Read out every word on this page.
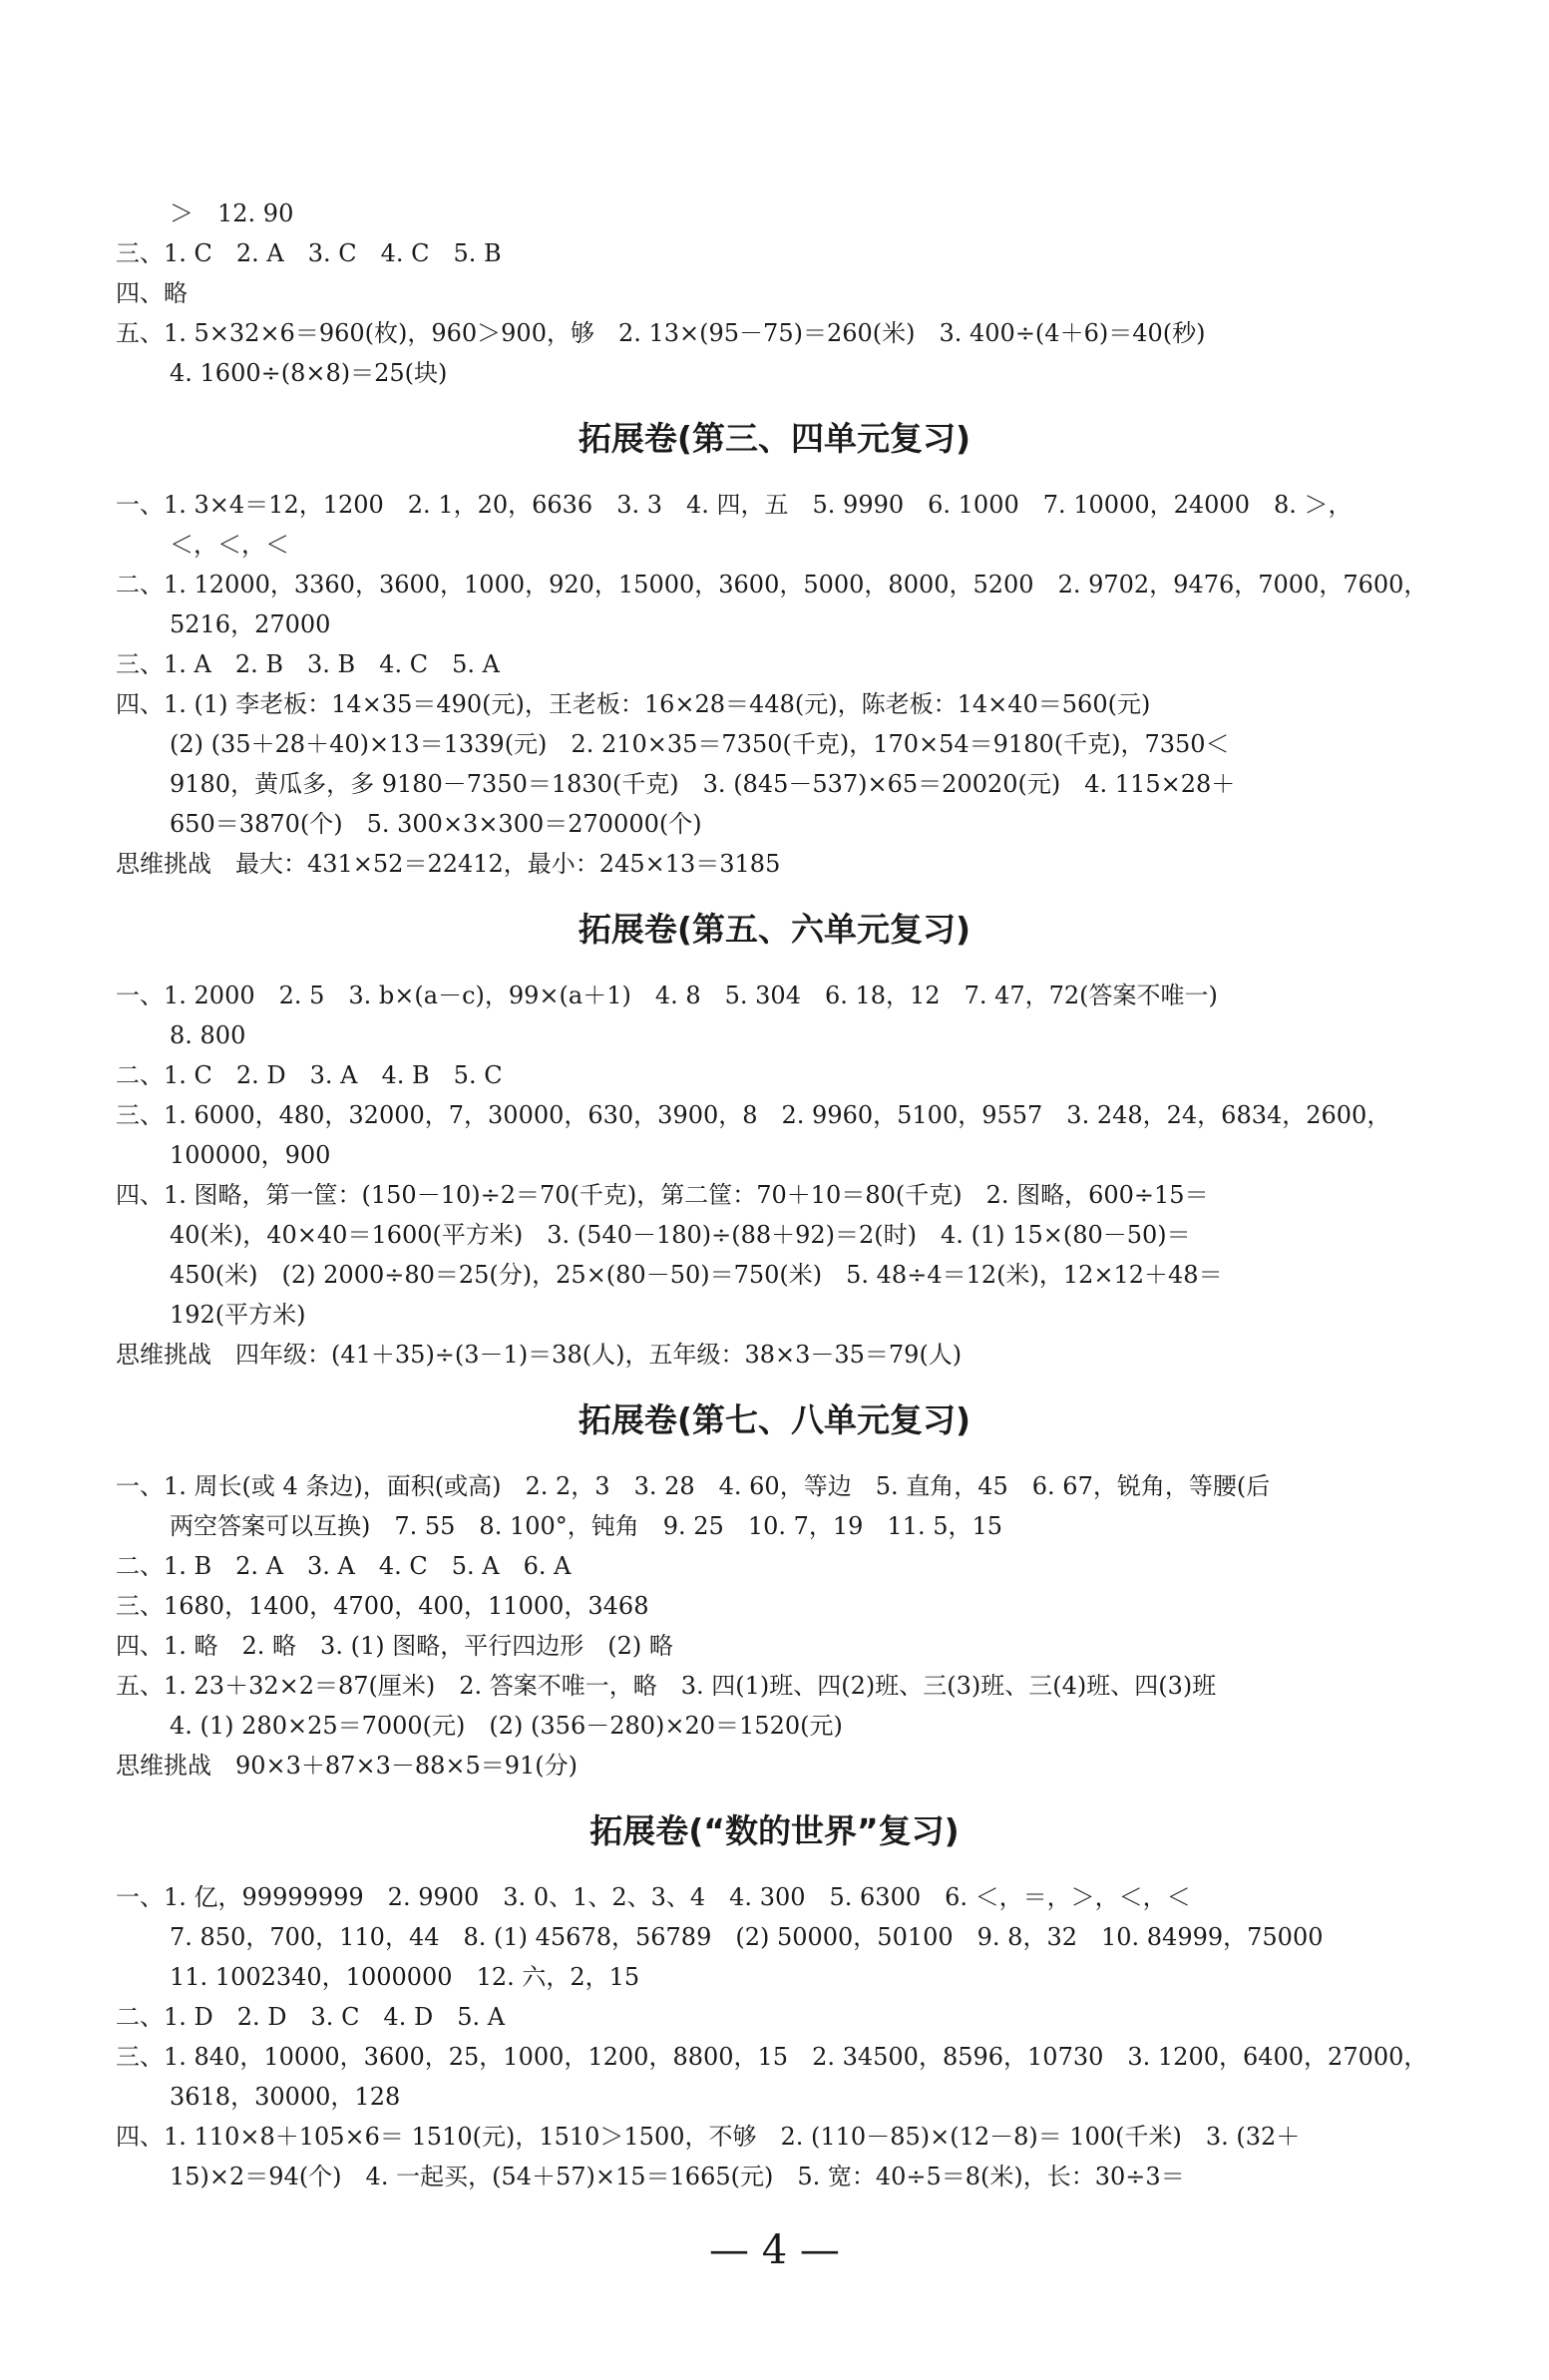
＞　12. 90
三、1. C　2. A　3. C　4. C　5. B
四、略
五、1. 5×32×6＝960(枚)，960＞900，够　2. 13×(95－75)＝260(米)　3. 400÷(4＋6)＝40(秒)
4. 1600÷(8×8)＝25(块)
拓展卷(第三、四单元复习)
一、1. 3×4＝12，1200　2. 1，20，6636　3. 3　4. 四，五　5. 9990　6. 1000　7. 10000，24000　8. ＞，
＜，＜，＜
二、1. 12000，3360，3600，1000，920，15000，3600，5000，8000，5200　2. 9702，9476，7000，7600，
5216，27000
三、1. A　2. B　3. B　4. C　5. A
四、1. (1) 李老板：14×35＝490(元)，王老板：16×28＝448(元)，陈老板：14×40＝560(元)
(2) (35＋28＋40)×13＝1339(元)　2. 210×35＝7350(千克)，170×54＝9180(千克)，7350＜
9180，黄瓜多，多 9180－7350＝1830(千克)　3. (845－537)×65＝20020(元)　4. 115×28＋
650＝3870(个)　5. 300×3×300＝270000(个)
思维挑战　最大：431×52＝22412，最小：245×13＝3185
拓展卷(第五、六单元复习)
一、1. 2000　2. 5　3. b×(a－c)，99×(a＋1)　4. 8　5. 304　6. 18，12　7. 47，72(答案不唯一)
8. 800
二、1. C　2. D　3. A　4. B　5. C
三、1. 6000，480，32000，7，30000，630，3900，8　2. 9960，5100，9557　3. 248，24，6834，2600，
100000，900
四、1. 图略，第一筐：(150－10)÷2＝70(千克)，第二筐：70＋10＝80(千克)　2. 图略，600÷15＝
40(米)，40×40＝1600(平方米)　3. (540－180)÷(88＋92)＝2(时)　4. (1) 15×(80－50)＝
450(米)　(2) 2000÷80＝25(分)，25×(80－50)＝750(米)　5. 48÷4＝12(米)，12×12＋48＝
192(平方米)
思维挑战　四年级：(41＋35)÷(3－1)＝38(人)，五年级：38×3－35＝79(人)
拓展卷(第七、八单元复习)
一、1. 周长(或 4 条边)，面积(或高)　2. 2，3　3. 28　4. 60，等边　5. 直角，45　6. 67，锐角，等腰(后
两空答案可以互换)　7. 55　8. 100°，钝角　9. 25　10. 7，19　11. 5，15
二、1. B　2. A　3. A　4. C　5. A　6. A
三、1680，1400，4700，400，11000，3468
四、1. 略　2. 略　3. (1) 图略，平行四边形　(2) 略
五、1. 23＋32×2＝87(厘米)　2. 答案不唯一，略　3. 四(1)班、四(2)班、三(3)班、三(4)班、四(3)班
4. (1) 280×25＝7000(元)　(2) (356－280)×20＝1520(元)
思维挑战　90×3＋87×3－88×5＝91(分)
拓展卷(“数的世界”复习)
一、1. 亿，99999999　2. 9900　3. 0、1、2、3、4　4. 300　5. 6300　6. ＜，＝，＞，＜，＜
7. 850，700，110，44　8. (1) 45678，56789　(2) 50000，50100　9. 8，32　10. 84999，75000
11. 1002340，1000000　12. 六，2，15
二、1. D　2. D　3. C　4. D　5. A
三、1. 840，10000，3600，25，1000，1200，8800，15　2. 34500，8596，10730　3. 1200，6400，27000，
3618，30000，128
四、1. 110×8＋105×6＝ 1510(元)，1510＞1500，不够　2. (110－85)×(12－8)＝ 100(千米)　3. (32＋
15)×2＝94(个)　4. 一起买，(54＋57)×15＝1665(元)　5. 宽：40÷5＝8(米)，长：30÷3＝
— 4 —
